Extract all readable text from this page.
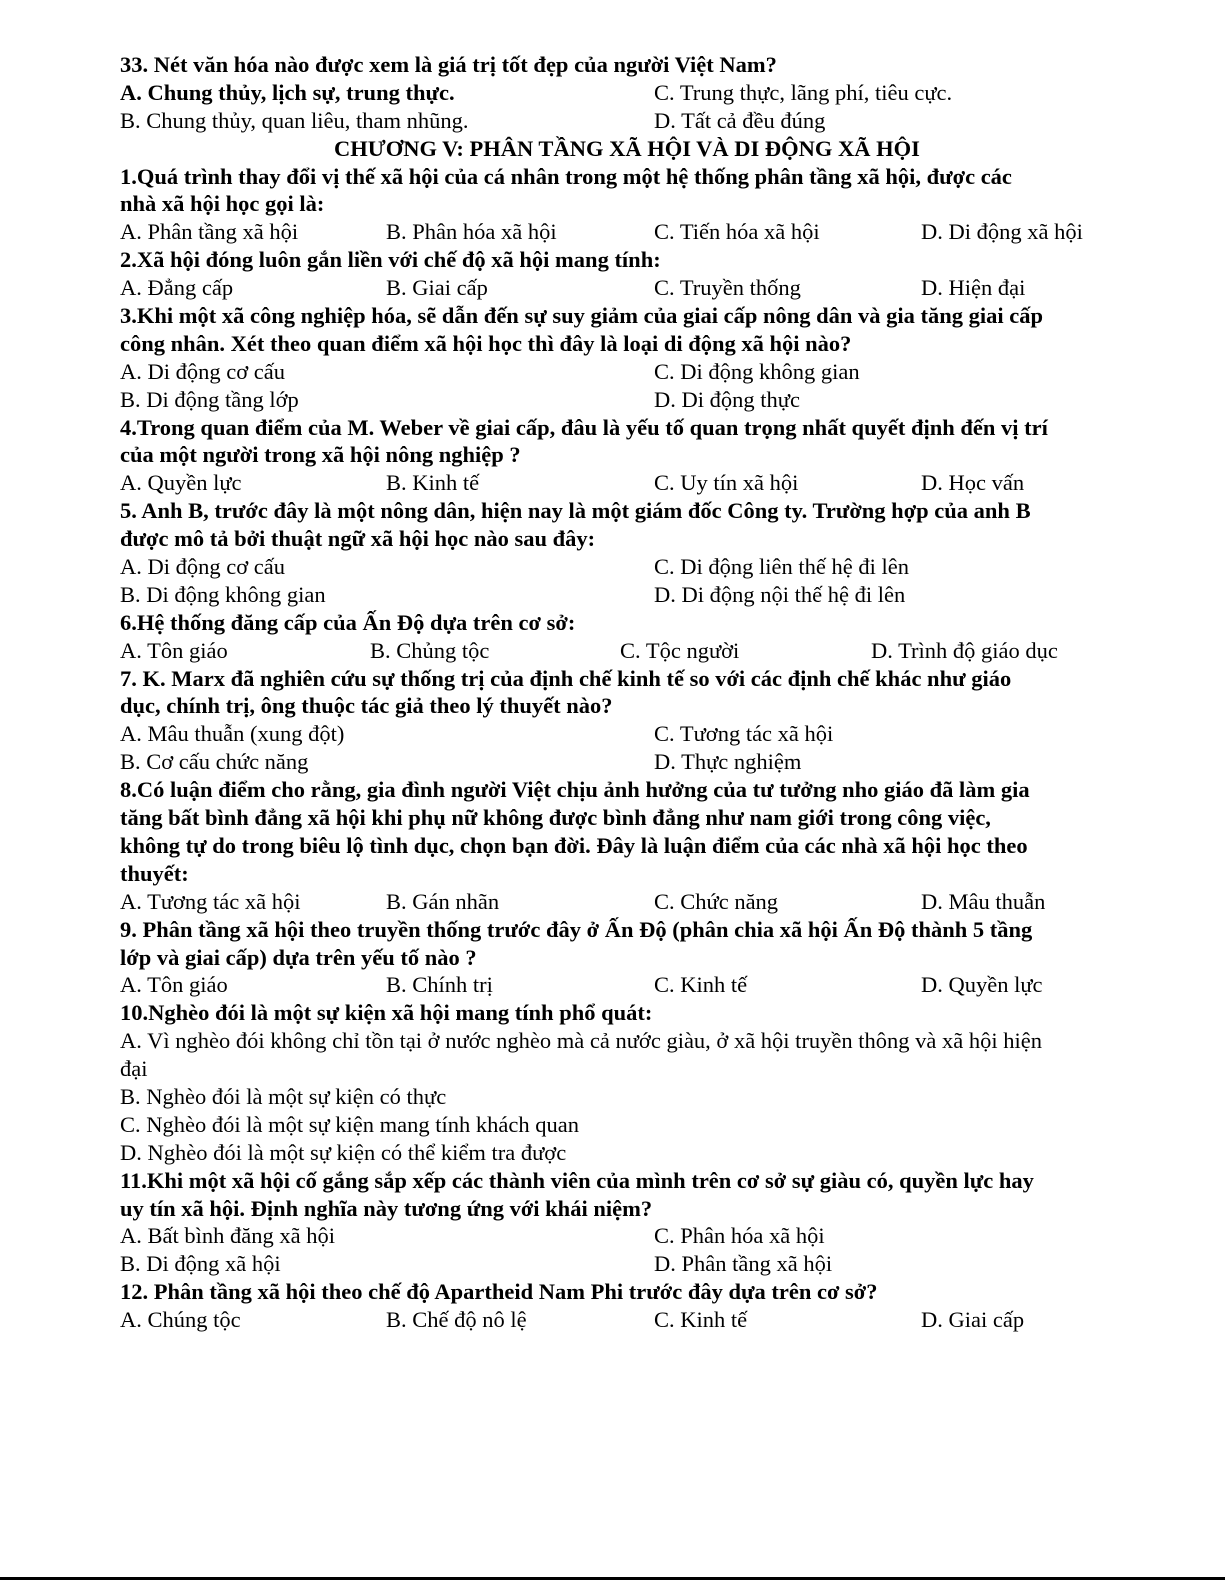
33. Nét văn hóa nào được xem là giá trị tốt đẹp của người Việt Nam?
A. Chung thủy, lịch sự, trung thực.	C. Trung thực, lãng phí, tiêu cực.
B. Chung thủy, quan liêu, tham nhũng.	D. Tất cả đều đúng
CHƯƠNG V: PHÂN TẦNG XÃ HỘI VÀ DI ĐỘNG XÃ HỘI
1.Quá trình thay đổi vị thế xã hội của cá nhân trong một hệ thống phân tầng xã hội, được các
nhà xã hội học gọi là:
A. Phân tầng xã hội	B. Phân hóa xã hội	C. Tiến hóa xã hội	D. Di động xã hội
2.Xã hội đóng luôn gắn liền với chế độ xã hội mang tính:
A. Đẳng cấp	B. Giai cấp	C. Truyền thống	D. Hiện đại
3.Khi một xã công nghiệp hóa, sẽ dẫn đến sự suy giảm của giai cấp nông dân và gia tăng giai cấp
công nhân. Xét theo quan điểm xã hội học thì đây là loại di động xã hội nào?
A. Di động cơ cấu	C. Di động không gian
B. Di động tầng lớp	D. Di động thực
4.Trong quan điểm của M. Weber về giai cấp, đâu là yếu tố quan trọng nhất quyết định đến vị trí
của một người trong xã hội nông nghiệp ?
A. Quyền lực	B. Kinh tế	C. Uy tín xã hội	D. Học vấn
5. Anh B, trước đây là một nông dân, hiện nay là một giám đốc Công ty. Trường hợp của anh B
được mô tả bởi thuật ngữ xã hội học nào sau đây:
A. Di động cơ cấu	C. Di động liên thế hệ đi lên
B. Di động không gian	D. Di động nội thế hệ đi lên
6.Hệ thống đăng cấp của Ấn Độ dựa trên cơ sở:
A. Tôn giáo	B. Chủng tộc	C. Tộc người	D. Trình độ giáo dục
7. K. Marx đã nghiên cứu sự thống trị của định chế kinh tế so với các định chế khác như giáo
dục, chính trị, ông thuộc tác giả theo lý thuyết nào?
A. Mâu thuẫn (xung đột)	C. Tương tác xã hội
B. Cơ cấu chức năng	D. Thực nghiệm
8.Có luận điểm cho rằng, gia đình người Việt chịu ảnh hưởng của tư tưởng nho giáo đã làm gia
tăng bất bình đẳng xã hội khi phụ nữ không được bình đẳng như nam giới trong công việc,
không tự do trong biêu lộ tình dục, chọn bạn đời. Đây là luận điểm của các nhà xã hội học theo
thuyết:
A. Tương tác xã hội	B. Gán nhãn	C. Chức năng	D. Mâu thuẫn
9. Phân tầng xã hội theo truyền thống trước đây ở Ấn Độ (phân chia xã hội Ấn Độ thành 5 tầng
lớp và giai cấp) dựa trên yếu tố nào ?
A. Tôn giáo	B. Chính trị	C. Kinh tế	D. Quyền lực
10.Nghèo đói là một sự kiện xã hội mang tính phổ quát:
A. Vì nghèo đói không chỉ tồn tại ở nước nghèo mà cả nước giàu, ở xã hội truyền thông và xã hội hiện
đại
B. Nghèo đói là một sự kiện có thực
C. Nghèo đói là một sự kiện mang tính khách quan
D. Nghèo đói là một sự kiện có thể kiểm tra được
11.Khi một xã hội cố gắng sắp xếp các thành viên của mình trên cơ sở sự giàu có, quyền lực hay
uy tín xã hội. Định nghĩa này tương ứng với khái niệm?
A. Bất bình đăng xã hội	C. Phân hóa xã hội
B. Di động xã hội	D. Phân tầng xã hội
12. Phân tầng xã hội theo chế độ Apartheid Nam Phi trước đây dựa trên cơ sở?
A. Chúng tộc	B. Chế độ nô lệ	C. Kinh tế	D. Giai cấp
